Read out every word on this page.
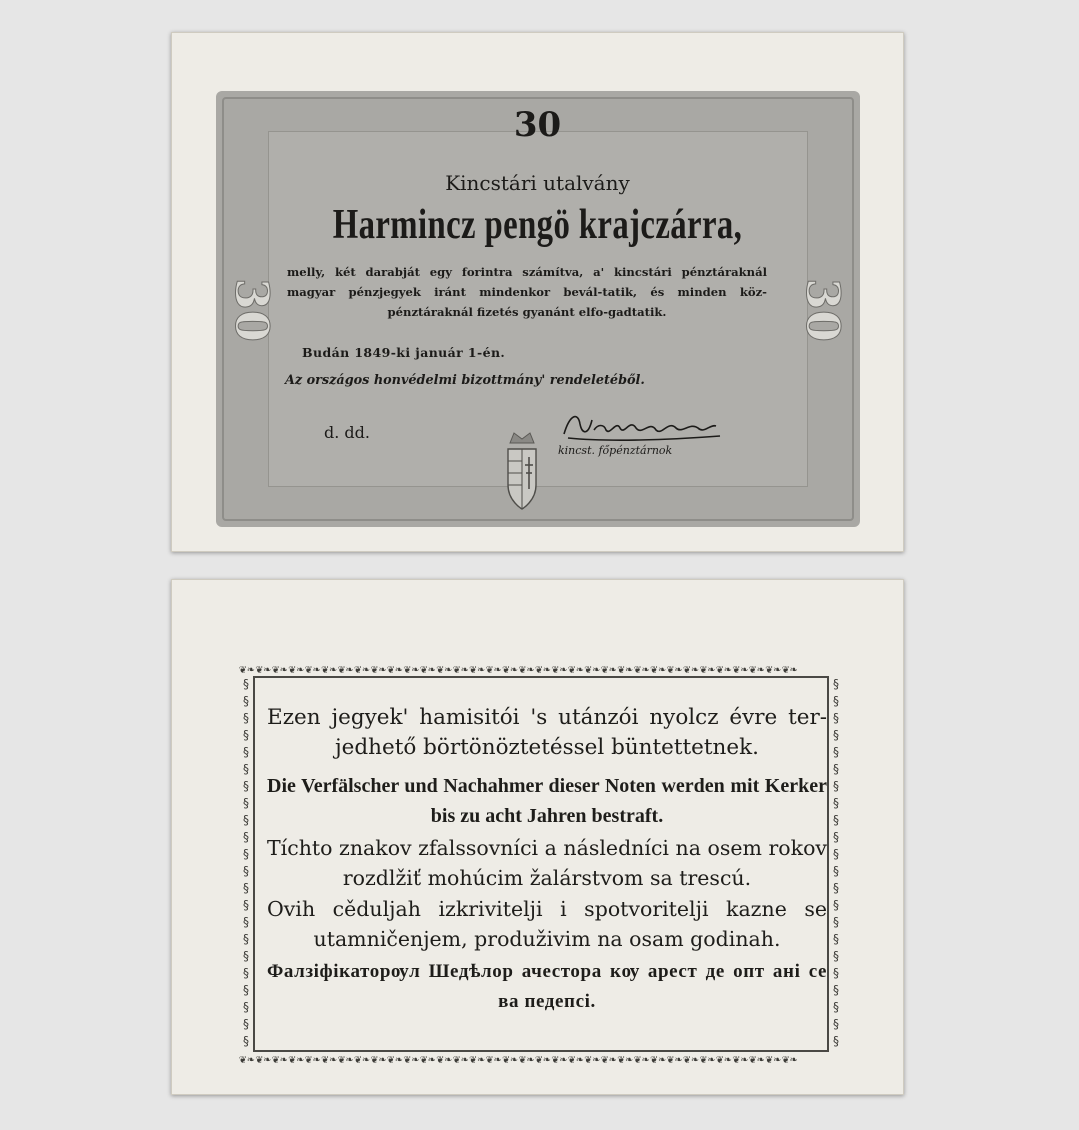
30	30
30
Kincstári utalvány
Harmincz pengö krajczárra,
melly, két darabját egy forintra számítva, a' kincstári pénztáraknál magyar pénzjegyek iránt mindenkor bevál-tatik, és minden köz-pénztáraknál fizetés gyanánt elfo-gadtatik.
Budán 1849-ki január 1-én.
Az országos honvédelmi bizottmány' rendeletéből.
d. dd.
kincst. főpénztárnok
❦❧❦❧❦❧❦❧❦❧❦❧❦❧❦❧❦❧❦❧❦❧❦❧❦❧❦❧❦❧❦❧❦❧❦❧❦❧❦❧❦❧❦❧❦❧❦❧❦❧❦❧❦❧❦❧❦❧❦❧❦❧❦❧❦❧❦❧
❦❧❦❧❦❧❦❧❦❧❦❧❦❧❦❧❦❧❦❧❦❧❦❧❦❧❦❧❦❧❦❧❦❧❦❧❦❧❦❧❦❧❦❧❦❧❦❧❦❧❦❧❦❧❦❧❦❧❦❧❦❧❦❧❦❧❦❧
§§§§§§§§§§§§§§§§§§§§§§
§§§§§§§§§§§§§§§§§§§§§§

Ezen jegyek' hamisitói 's utánzói nyolcz évre ter-jedhető börtönöztetéssel büntettetnek.

Die Verfälscher und Nachahmer dieser Noten werden mit Kerker bis zu acht Jahren bestraft.

Tíchto znakov zfalssovníci a následníci na osem rokov rozdlžiť mohúcim žalárstvom sa trescú.

Ovih cěduljah izkrivitelji i spotvoritelji kazne se utamničenjem, produživim na osam godinah.

Фалзіфікаторѹл Шедѣлор ачестора кѹ арест де опт ані се ва педепсі.
